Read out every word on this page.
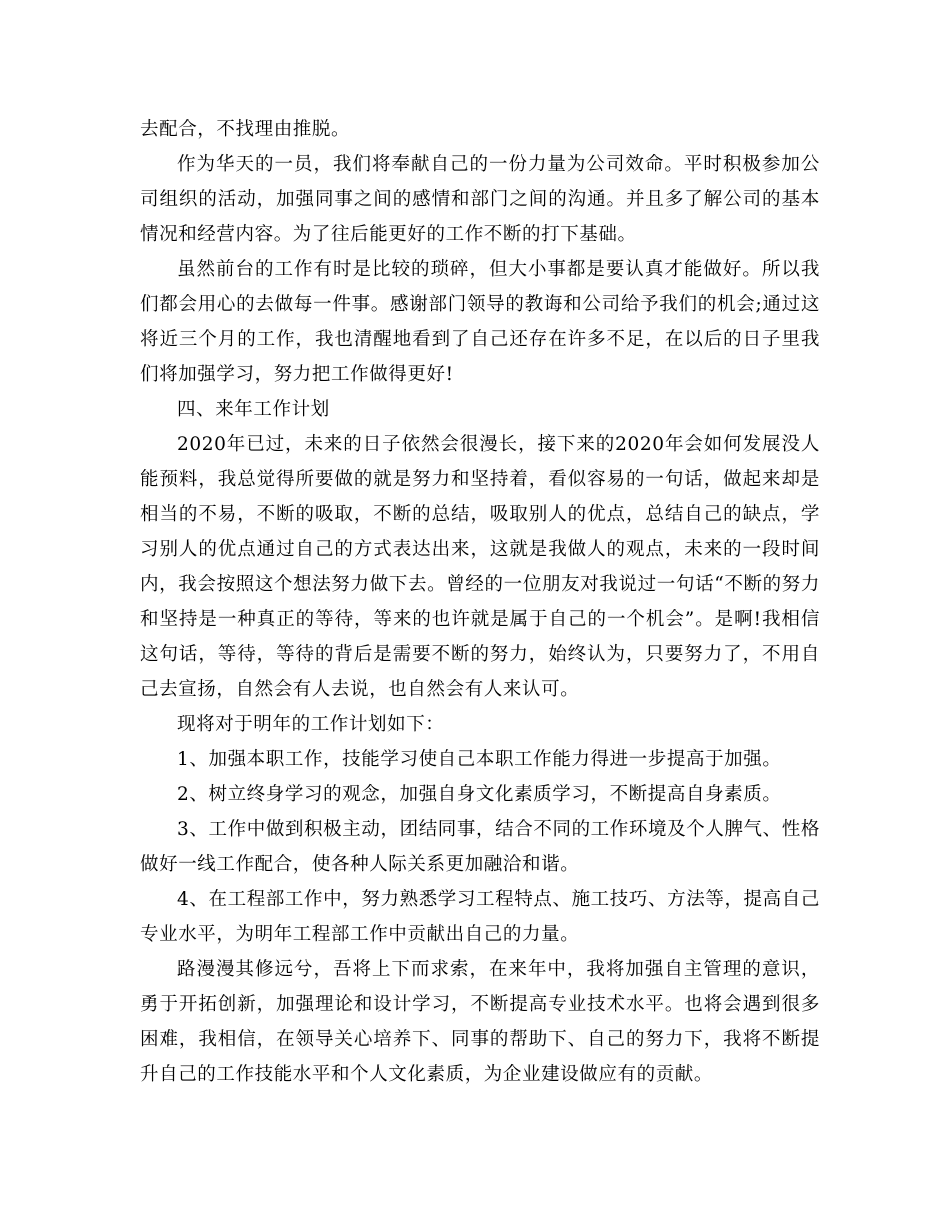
去配合，不找理由推脱。

作为华天的一员，我们将奉献自己的一份力量为公司效命。平时积极参加公司组织的活动，加强同事之间的感情和部门之间的沟通。并且多了解公司的基本情况和经营内容。为了往后能更好的工作不断的打下基础。

虽然前台的工作有时是比较的琐碎，但大小事都是要认真才能做好。所以我们都会用心的去做每一件事。感谢部门领导的教诲和公司给予我们的机会;通过这将近三个月的工作，我也清醒地看到了自己还存在许多不足，在以后的日子里我们将加强学习，努力把工作做得更好!

四、来年工作计划

2020年已过，未来的日子依然会很漫长，接下来的2020年会如何发展没人能预料，我总觉得所要做的就是努力和坚持着，看似容易的一句话，做起来却是相当的不易，不断的吸取，不断的总结，吸取别人的优点，总结自己的缺点，学习别人的优点通过自己的方式表达出来，这就是我做人的观点，未来的一段时间内，我会按照这个想法努力做下去。曾经的一位朋友对我说过一句话“不断的努力和坚持是一种真正的等待，等来的也许就是属于自己的一个机会”。是啊!我相信这句话，等待，等待的背后是需要不断的努力，始终认为，只要努力了，不用自己去宣扬，自然会有人去说，也自然会有人来认可。

现将对于明年的工作计划如下：

1、加强本职工作，技能学习使自己本职工作能力得进一步提高于加强。

2、树立终身学习的观念，加强自身文化素质学习，不断提高自身素质。

3、工作中做到积极主动，团结同事，结合不同的工作环境及个人脾气、性格做好一线工作配合，使各种人际关系更加融洽和谐。

4、在工程部工作中，努力熟悉学习工程特点、施工技巧、方法等，提高自己专业水平，为明年工程部工作中贡献出自己的力量。

路漫漫其修远兮，吾将上下而求索，在来年中，我将加强自主管理的意识，勇于开拓创新，加强理论和设计学习，不断提高专业技术水平。也将会遇到很多困难，我相信，在领导关心培养下、同事的帮助下、自己的努力下，我将不断提升自己的工作技能水平和个人文化素质，为企业建设做应有的贡献。
